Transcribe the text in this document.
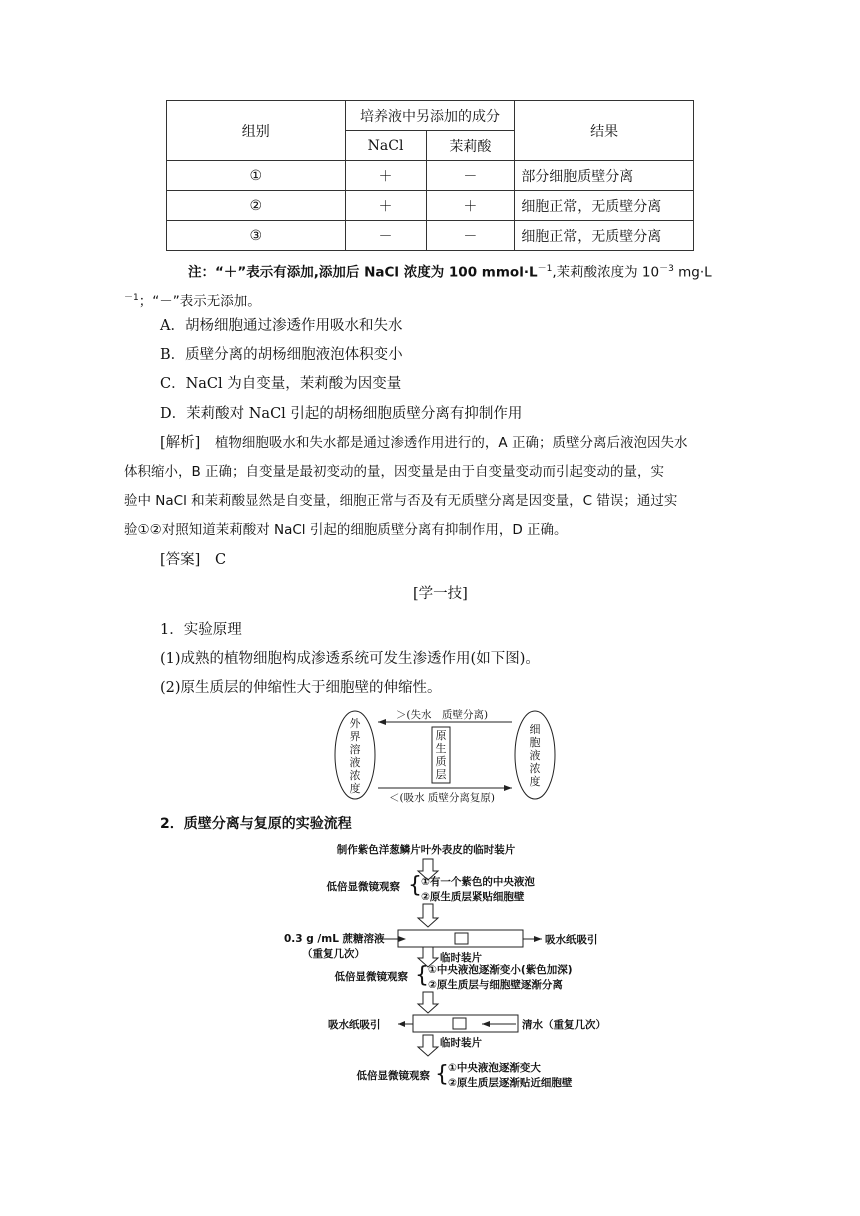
组别	培养液中另添加的成分		结果
	NaCl	茉莉酸	
①	＋	－	部分细胞质壁分离
②	＋	＋	细胞正常，无质壁分离
③	－	－	细胞正常，无质壁分离
注：“＋”表示有添加,添加后 NaCl 浓度为 100 $mmol\cdot L^{-1}$,茉莉酸浓度为 $10^{-3}$ mg·L
$^{-1}$；“－”表示无添加。
A．胡杨细胞通过渗透作用吸水和失水
B．质壁分离的胡杨细胞液泡体积变小
C．NaCl 为自变量，茉莉酸为因变量
D．茉莉酸对 NaCl 引起的胡杨细胞质壁分离有抑制作用
[解析] 植物细胞吸水和失水都是通过渗透作用进行的，A 正确；质壁分离后液泡因失水
体积缩小，B 正确；自变量是最初变动的量，因变量是由于自变量变动而引起变动的量，实
验中 NaCl 和茉莉酸显然是自变量，细胞正常与否及有无质壁分离是因变量，C 错误；通过实
验①②对照知道茉莉酸对 NaCl 引起的细胞质壁分离有抑制作用，D 正确。
[答案] C
[学一技]
1．实验原理
(1)成熟的植物细胞构成渗透系统可发生渗透作用(如下图)。
(2)原生质层的伸缩性大于细胞壁的伸缩性。
外
界
溶
液
浓
度
细
胞
液
浓
度
原
生
质
层
＞(失水　质壁分离)
＜(吸水 质壁分离复原)
2．质壁分离与复原的实验流程
制作紫色洋葱鳞片叶外表皮的临时装片
低倍显微镜观察 { ①有一个紫色的中央液泡
②原生质层紧贴细胞壁
0.3 g /mL 蔗糖溶液
（重复几次）
吸水纸吸引
临时装片
低倍显微镜观察 { ①中央液泡逐渐变小(紫色加深)
②原生质层与细胞壁逐渐分离
吸水纸吸引	清水（重复几次）
临时装片
低倍显微镜观察 { ①中央液泡逐渐变大
②原生质层逐渐贴近细胞壁
